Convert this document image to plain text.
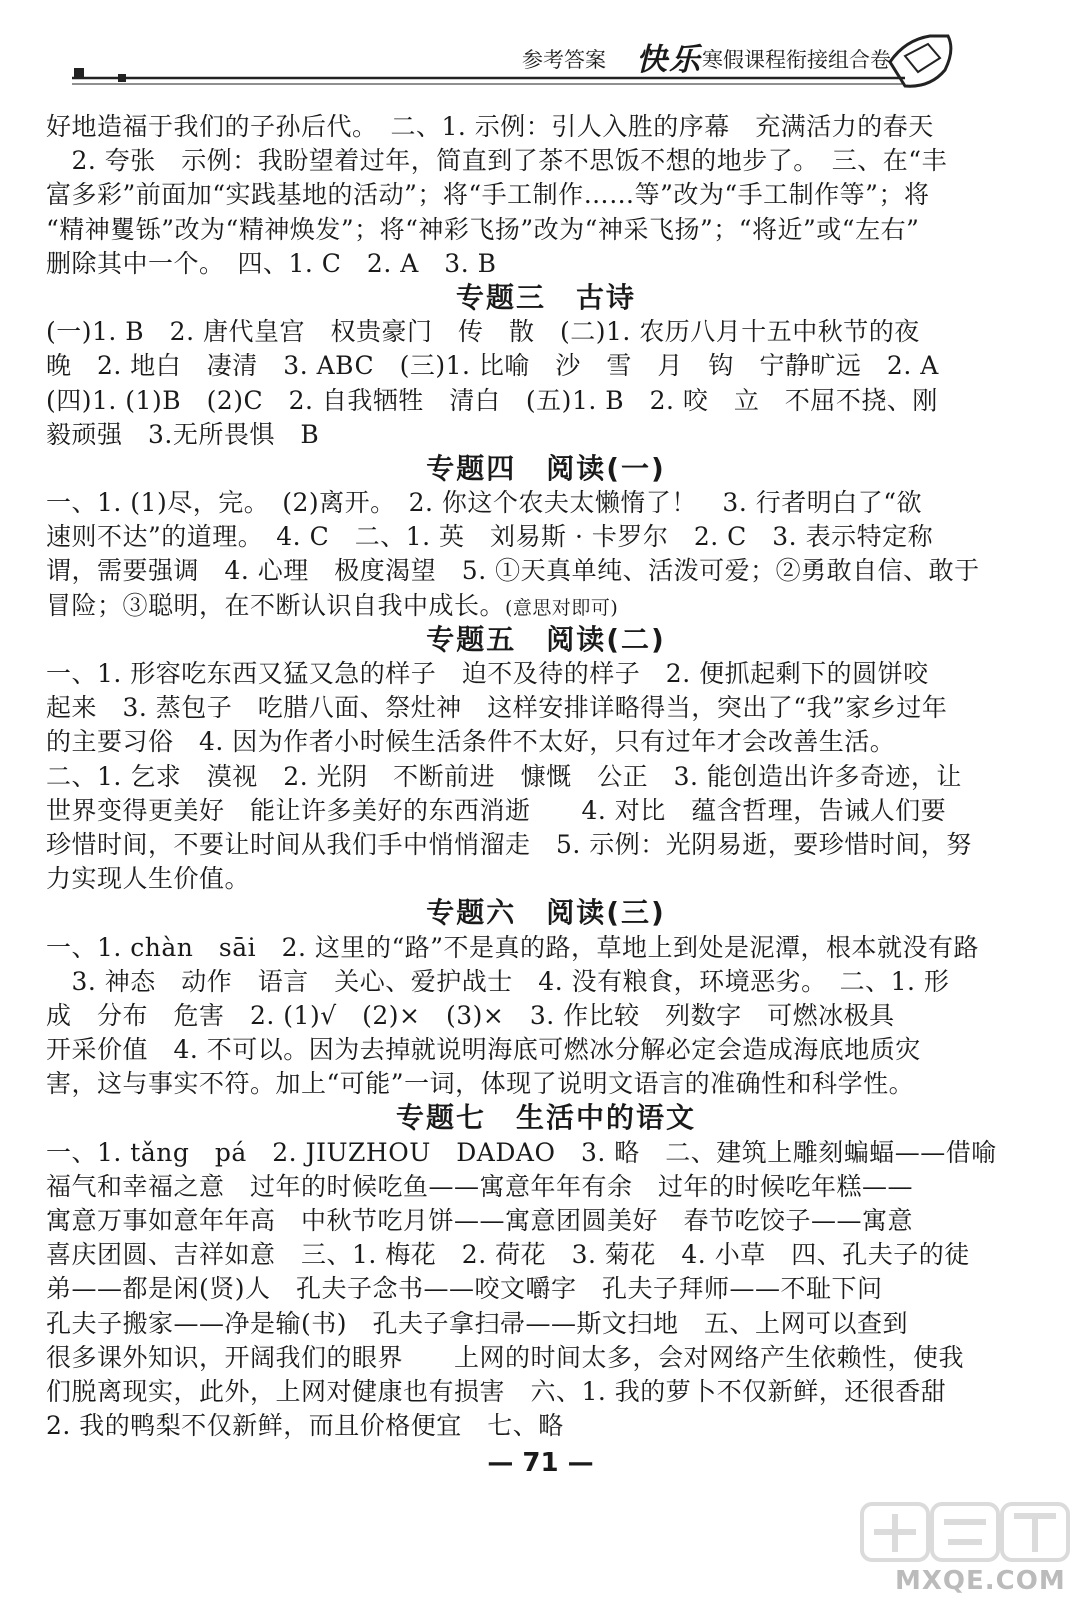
参考答案 快乐 寒假课程衔接组合卷
好地造福于我们的子孙后代。　二、1. 示例：引人入胜的序幕　充满活力的春天
　2. 夸张　示例：我盼望着过年，简直到了茶不思饭不想的地步了。　三、在“丰
富多彩”前面加“实践基地的活动”；将“手工制作……等”改为“手工制作等”；将
“精神矍铄”改为“精神焕发”；将“神彩飞扬”改为“神采飞扬”；“将近”或“左右”
删除其中一个。　四、1. C　2. A　3. B
专题三　古诗
(一)1. B　2. 唐代皇宫　权贵豪门　传　散　(二)1. 农历八月十五中秋节的夜
晚　2. 地白　凄清　3. ABC　(三)1. 比喻　沙　雪　月　钩　宁静旷远　2. A
(四)1. (1)B　(2)C　2. 自我牺牲　清白　(五)1. B　2. 咬　立　不屈不挠、刚
毅顽强　3.无所畏惧　B
专题四　阅读(一)
一、1. (1)尽，完。　(2)离开。　2. 你这个农夫太懒惰了！　3. 行者明白了“欲
速则不达”的道理。　4. C　二、1. 英　刘易斯 · 卡罗尔　2. C　3. 表示特定称
谓，需要强调　4. 心理　极度渴望　5. ①天真单纯、活泼可爱；②勇敢自信、敢于
冒险；③聪明，在不断认识自我中成长。(意思对即可)
专题五　阅读(二)
一、1. 形容吃东西又猛又急的样子　迫不及待的样子　2. 便抓起剩下的圆饼咬
起来　3. 蒸包子　吃腊八面、祭灶神　这样安排详略得当，突出了“我”家乡过年
的主要习俗　4. 因为作者小时候生活条件不太好，只有过年才会改善生活。
二、1. 乞求　漠视　2. 光阴　不断前进　慷慨　公正　3. 能创造出许多奇迹，让
世界变得更美好　能让许多美好的东西消逝　　4. 对比　蕴含哲理，告诫人们要
珍惜时间，不要让时间从我们手中悄悄溜走　5. 示例：光阴易逝，要珍惜时间，努
力实现人生价值。
专题六　阅读(三)
一、1. chàn　sāi　2. 这里的“路”不是真的路，草地上到处是泥潭，根本就没有路
　3. 神态　动作　语言　关心、爱护战士　4. 没有粮食，环境恶劣。　二、1. 形
成　分布　危害　2. (1)√　(2)×　(3)×　3. 作比较　列数字　可燃冰极具
开采价值　4. 不可以。因为去掉就说明海底可燃冰分解必定会造成海底地质灾
害，这与事实不符。加上“可能”一词，体现了说明文语言的准确性和科学性。
专题七　生活中的语文
一、1. tǎng　pá　2. JIUZHOU　DADAO　3. 略　二、建筑上雕刻蝙蝠——借喻
福气和幸福之意　过年的时候吃鱼——寓意年年有余　过年的时候吃年糕——
寓意万事如意年年高　中秋节吃月饼——寓意团圆美好　春节吃饺子——寓意
喜庆团圆、吉祥如意　三、1. 梅花　2. 荷花　3. 菊花　4. 小草　四、孔夫子的徒
弟——都是闲(贤)人　孔夫子念书——咬文嚼字　孔夫子拜师——不耻下问
孔夫子搬家——净是输(书)　孔夫子拿扫帚——斯文扫地　五、上网可以查到
很多课外知识，开阔我们的眼界　　上网的时间太多，会对网络产生依赖性，使我
们脱离现实，此外，上网对健康也有损害　六、1. 我的萝卜不仅新鲜，还很香甜
2. 我的鸭梨不仅新鲜，而且价格便宜　七、略
— 71 —
MXQE.COM
